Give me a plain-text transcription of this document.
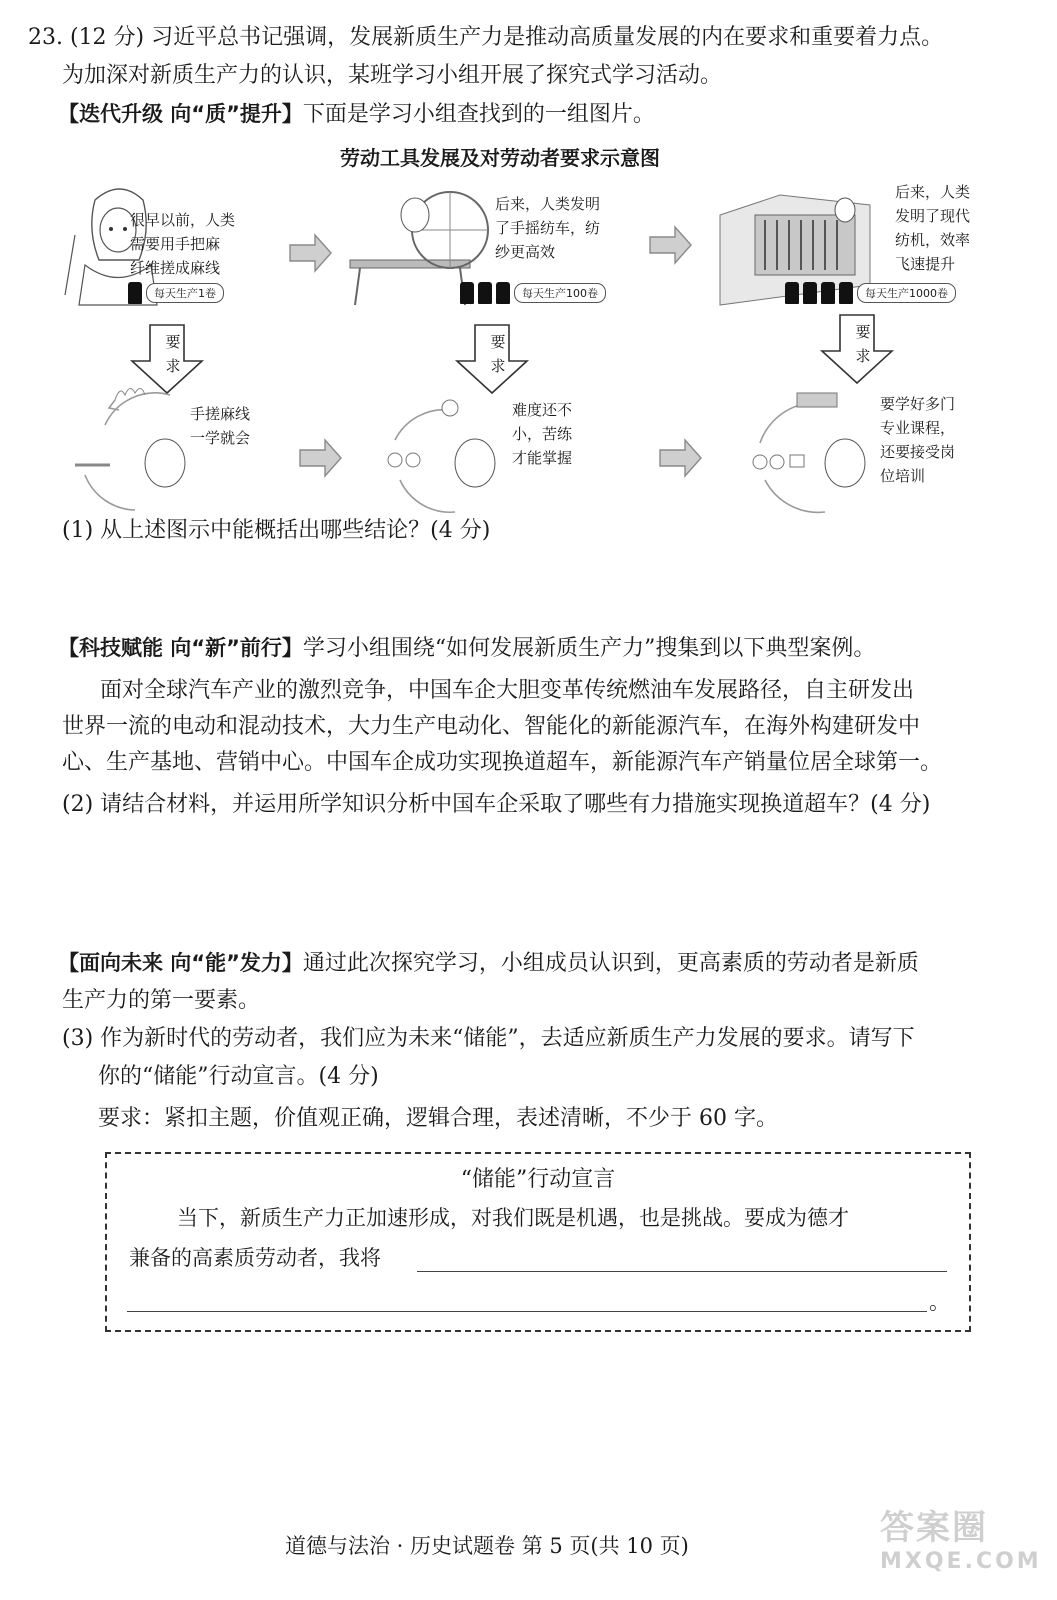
23. (12 分) 习近平总书记强调，发展新质生产力是推动高质量发展的内在要求和重要着力点。
为加深对新质生产力的认识，某班学习小组开展了探究式学习活动。
【迭代升级 向“质”提升】下面是学习小组查找到的一组图片。
劳动工具发展及对劳动者要求示意图
很早以前，人类
需要用手把麻
纤维搓成麻线
每天生产1卷
后来，人类发明
了手摇纺车，纺
纱更高效
每天生产100卷
后来，人类
发明了现代
纺机，效率
飞速提升
每天生产1000卷
要
求
要
求
要
求
手搓麻线
一学就会
难度还不
小，苦练
才能掌握
要学好多门
专业课程，
还要接受岗
位培训
(1) 从上述图示中能概括出哪些结论？(4 分)
【科技赋能 向“新”前行】学习小组围绕“如何发展新质生产力”搜集到以下典型案例。
面对全球汽车产业的激烈竞争，中国车企大胆变革传统燃油车发展路径，自主研发出
世界一流的电动和混动技术，大力生产电动化、智能化的新能源汽车，在海外构建研发中
心、生产基地、营销中心。中国车企成功实现换道超车，新能源汽车产销量位居全球第一。
(2) 请结合材料，并运用所学知识分析中国车企采取了哪些有力措施实现换道超车？(4 分)
【面向未来 向“能”发力】通过此次探究学习，小组成员认识到，更高素质的劳动者是新质
生产力的第一要素。
(3) 作为新时代的劳动者，我们应为未来“储能”，去适应新质生产力发展的要求。请写下
你的“储能”行动宣言。(4 分)
要求：紧扣主题，价值观正确，逻辑合理，表述清晰，不少于 60 字。
“储能”行动宣言
当下，新质生产力正加速形成，对我们既是机遇，也是挑战。要成为德才
兼备的高素质劳动者，我将
。
道德与法治 · 历史试题卷 第 5 页(共 10 页)	答案圈
MXQE.COM
